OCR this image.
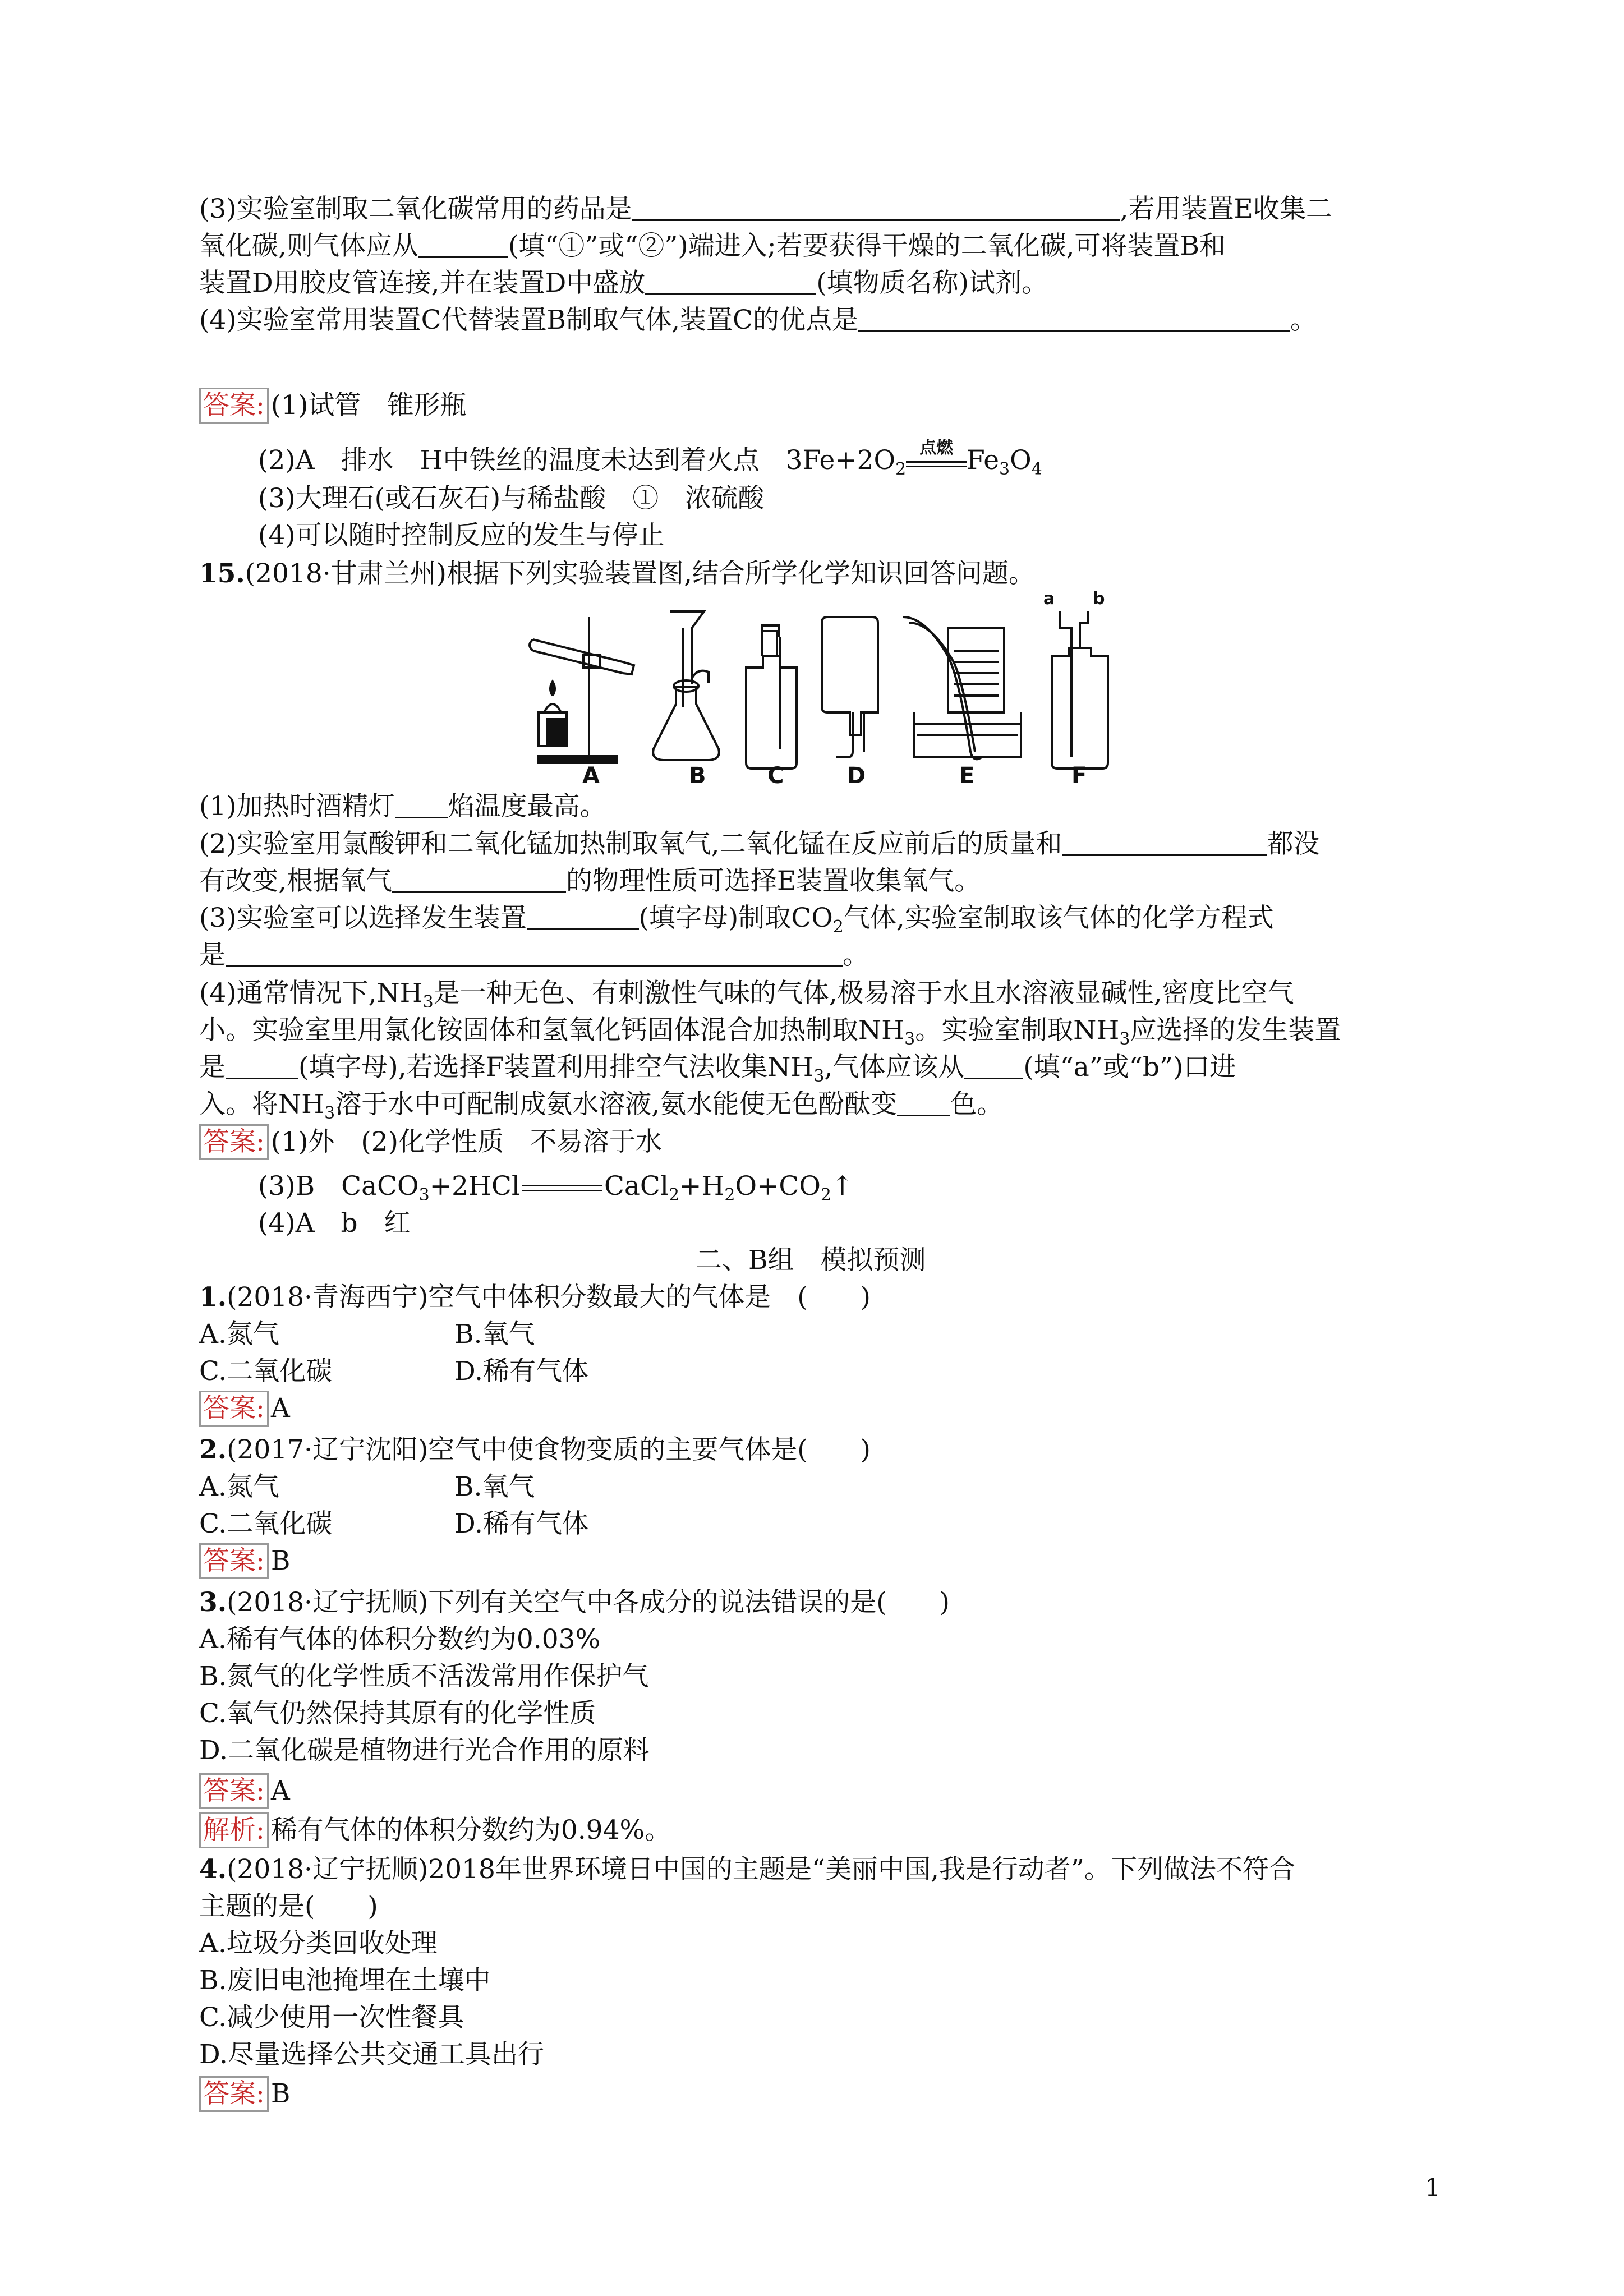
(3)实验室制取二氧化碳常用的药品是	,若用装置E收集二
氧化碳,则气体应从	(填“①”或“②”)端进入;若要获得干燥的二氧化碳,可将装置B和
装置D用胶皮管连接,并在装置D中盛放	(填物质名称)试剂。
(4)实验室常用装置C代替装置B制取气体,装置C的优点是	。
答案: (1)试管　锥形瓶
(2)A　排水　H中铁丝的温度未达到着火点　$3Fe+2O_2$
点燃 $Fe_3O_4$
(3)大理石(或石灰石)与稀盐酸　①　浓硫酸
(4)可以随时控制反应的发生与停止
15.(2018·甘肃兰州)根据下列实验装置图,结合所学化学知识回答问题。
A	B	C	D	E	F
a b
(1)加热时酒精灯 焰温度最高。
(2)实验室用氯酸钾和二氧化锰加热制取氧气,二氧化锰在反应前后的质量和	都没
有改变,根据氧气	的物理性质可选择E装置收集氧气。
(3)实验室可以选择发生装置	(填字母)制取$CO_2$气体,实验室制取该气体的化学方程式
是	。
(4)通常情况下$,NH_3$是一种无色、有刺激性气味的气体,极易溶于水且水溶液显碱性,密度比空气
小。实验室里用氯化铵固体和氢氧化钙固体混合加热制取$NH_3$。实验室制取$NH_3$应选择的发生装置
是	(填字母),若选择F装置利用排空气法收集$NH_3$,气体应该从 (填“a”或“b”)口进
入。将$NH_3$溶于水中可配制成氨水溶液,氨水能使无色酚酞变 色。
答案: (1)外　(2)化学性质　不易溶于水
(3)B　CaCO$_3$+2HCl	$CaCl_2+H_2O+CO_2↑$
(4)A　b　红
二、B组　模拟预测
1.(2018·青海西宁)空气中体积分数最大的气体是　(　　)
A.氮气	B.氧气
C.二氧化碳	D.稀有气体
答案: A
2.(2017·辽宁沈阳)空气中使食物变质的主要气体是(　　)
A.氮气	B.氧气
C.二氧化碳	D.稀有气体
答案: B
3.(2018·辽宁抚顺)下列有关空气中各成分的说法错误的是(　　)
A.稀有气体的体积分数约为0.03%
B.氮气的化学性质不活泼常用作保护气
C.氧气仍然保持其原有的化学性质
D.二氧化碳是植物进行光合作用的原料
答案: A
解析: 稀有气体的体积分数约为0.94%。
4.(2018·辽宁抚顺)2018年世界环境日中国的主题是“美丽中国,我是行动者”。下列做法不符合
主题的是(　　)
A.垃圾分类回收处理
B.废旧电池掩埋在土壤中
C.减少使用一次性餐具
D.尽量选择公共交通工具出行
答案: B
1
